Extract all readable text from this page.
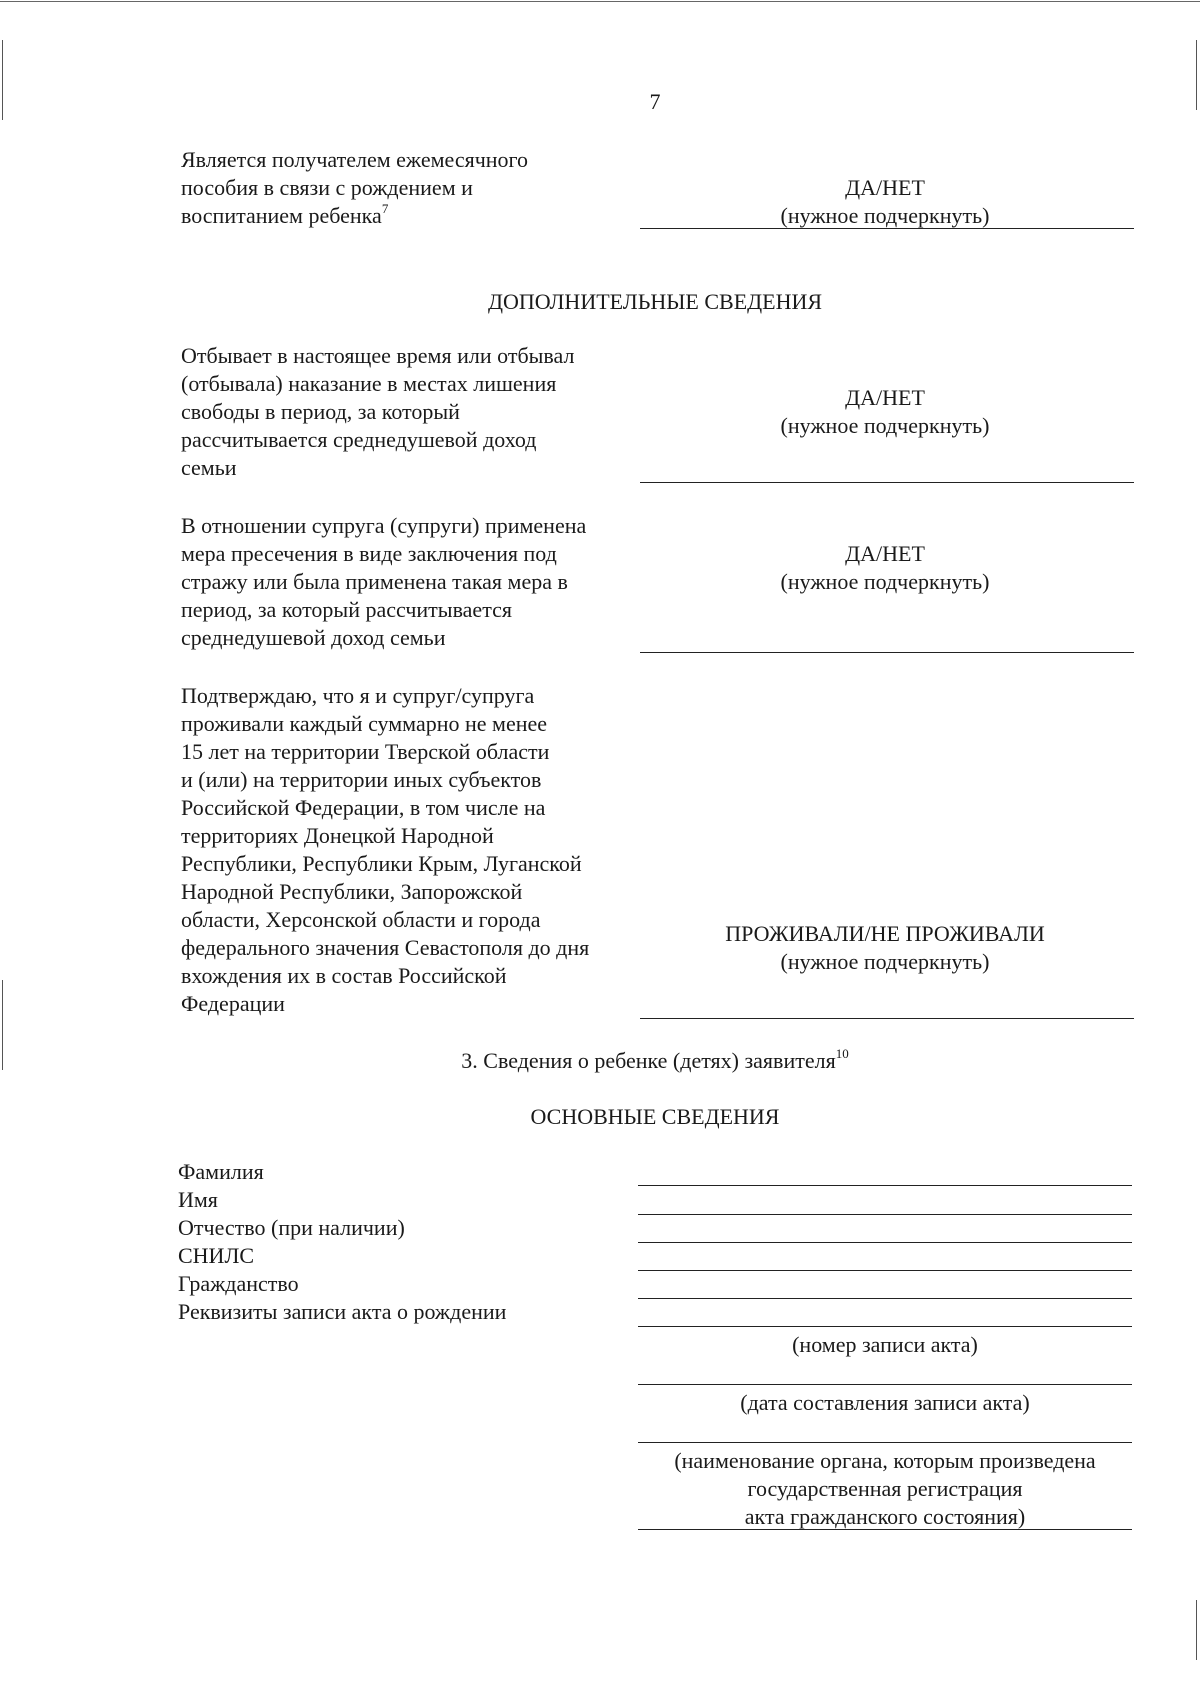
7
Является получателем ежемесячного
пособия в связи с рождением и
воспитанием ребенка$^7$
ДА/НЕТ
(нужное подчеркнуть)
ДОПОЛНИТЕЛЬНЫЕ СВЕДЕНИЯ
Отбывает в настоящее время или отбывал
(отбывала) наказание в местах лишения
свободы в период, за который
рассчитывается среднедушевой доход
семьи
ДА/НЕТ
(нужное подчеркнуть)
В отношении супруга (супруги) применена
мера пресечения в виде заключения под
стражу или была применена такая мера в
период, за который рассчитывается
среднедушевой доход семьи
ДА/НЕТ
(нужное подчеркнуть)
Подтверждаю, что я и супруг/супруга
проживали каждый суммарно не менее
15 лет на территории Тверской области
и (или) на территории иных субъектов
Российской Федерации, в том числе на
территориях Донецкой Народной
Республики, Республики Крым, Луганской
Народной Республики, Запорожской
области, Херсонской области и города
федерального значения Севастополя до дня
вхождения их в состав Российской
Федерации
ПРОЖИВАЛИ/НЕ ПРОЖИВАЛИ
(нужное подчеркнуть)
3. Сведения о ребенке (детях) заявителя$^{10}$
ОСНОВНЫЕ СВЕДЕНИЯ
Фамилия
Имя
Отчество (при наличии)
СНИЛС
Гражданство
Реквизиты записи акта о рождении
(номер записи акта)
(дата составления записи акта)
(наименование органа, которым произведена
государственная регистрация
акта гражданского состояния)
